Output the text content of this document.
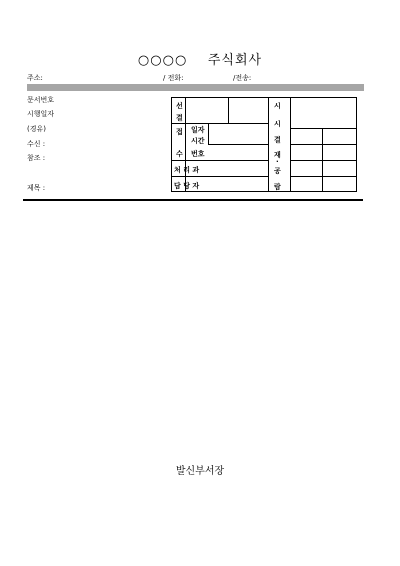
○○○○    주식회사
주소:	/ 전화:	/전송:
문서번호
시행일자
(경유)
수신 :
참조 :
제목 :
선
결
접
수
일자
시간
번호
처 리 과
담 당 자
시
시
결
재
·
공
람
발신부서장
